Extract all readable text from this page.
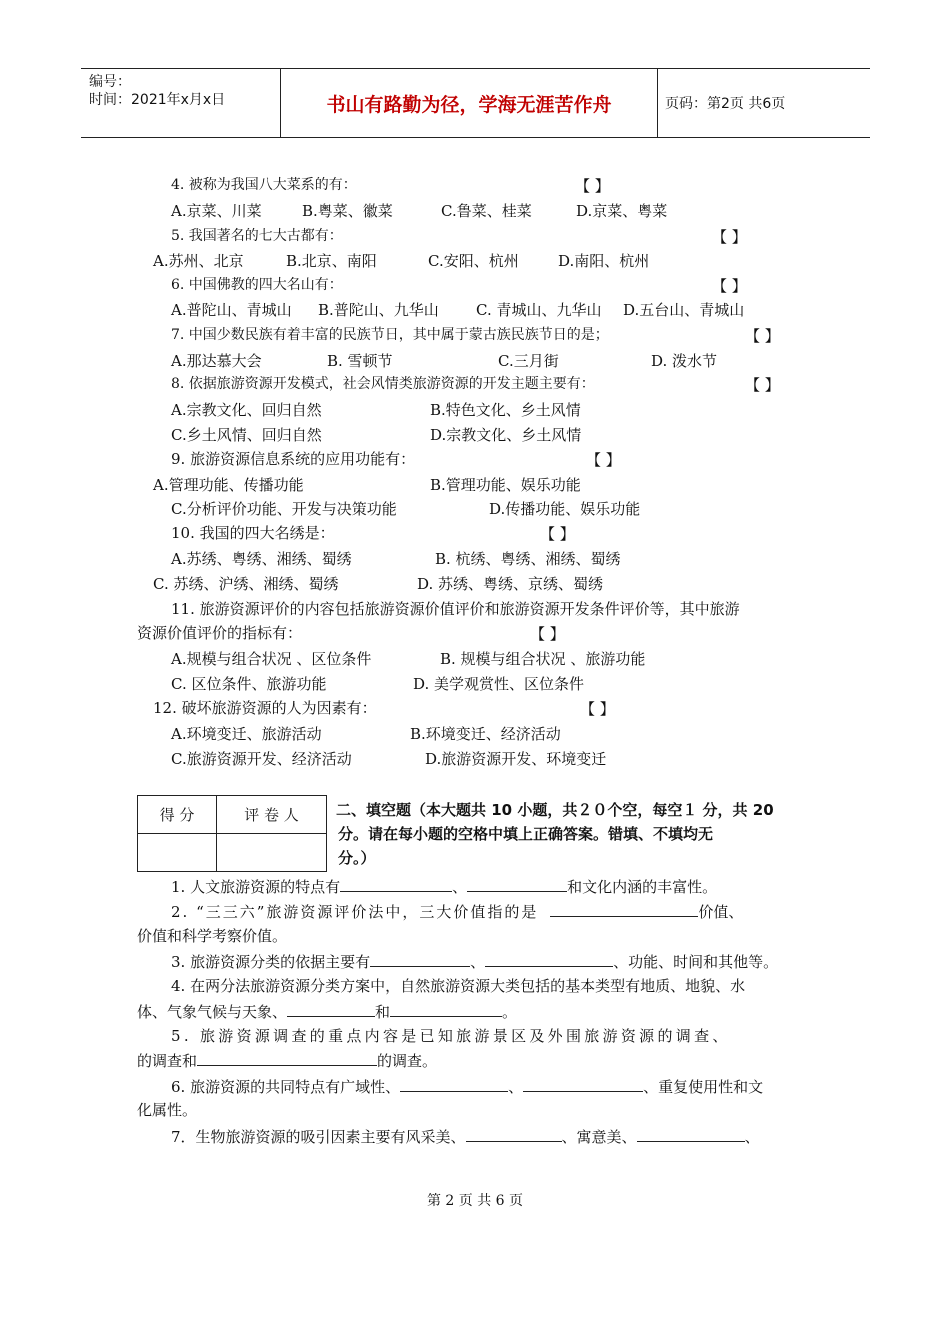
编号：
时间：2021年x月x日	书山有路勤为径，学海无涯苦作舟	页码：第2页 共6页
4. 被称为我国八大菜系的有：	【 】
A.京菜、川菜	B.粤菜、徽菜	C.鲁菜、桂菜	D.京菜、粤菜
5. 我国著名的七大古都有：	【 】
A.苏州、北京	B.北京、南阳	C.安阳、杭州	D.南阳、杭州
6. 中国佛教的四大名山有：	【 】
A.普陀山、青城山 B.普陀山、九华山 C. 青城山、九华山 D.五台山、青城山
7. 中国少数民族有着丰富的民族节日，其中属于蒙古族民族节日的是；	【 】
A.那达慕大会	B. 雪顿节	C.三月街	D. 泼水节
8. 依据旅游资源开发模式，社会风情类旅游资源的开发主题主要有：	【 】
A.宗教文化、回归自然	B.特色文化、乡土风情
C.乡土风情、回归自然	D.宗教文化、乡土风情
9. 旅游资源信息系统的应用功能有：	【 】
A.管理功能、传播功能	B.管理功能、娱乐功能
C.分析评价功能、开发与决策功能	D.传播功能、娱乐功能
10. 我国的四大名绣是：	【 】
A.苏绣、粤绣、湘绣、蜀绣	B. 杭绣、粤绣、湘绣、蜀绣
C. 苏绣、沪绣、湘绣、蜀绣	D. 苏绣、粤绣、京绣、蜀绣
11. 旅游资源评价的内容包括旅游资源价值评价和旅游资源开发条件评价等，其中旅游
资源价值评价的指标有：	【 】
A.规模与组合状况 、区位条件	B. 规模与组合状况 、旅游功能
C. 区位条件、旅游功能	D. 美学观赏性、区位条件
12. 破坏旅游资源的人为因素有：	【 】
A.环境变迁、旅游活动	B.环境变迁、经济活动
C.旅游资源开发、经济活动	D.旅游资源开发、环境变迁
得 分	评 卷 人
	二、填空题（本大题共 10 小题，共２０个空，每空１ 分，共 20
分。请在每小题的空格中填上正确答案。错填、不填均无
分。）
1. 人文旅游资源的特点有	、	和文化内涵的丰富性。
2. “三三六”旅游资源评价法中，三大价值指的是	价值、
价值和科学考察价值。
3. 旅游资源分类的依据主要有	、	、功能、时间和其他等。
4. 在两分法旅游资源分类方案中，自然旅游资源大类包括的基本类型有地质、地貌、水
体、气象气候与天象、	和	。
5. 旅游资源调查的重点内容是已知旅游景区及外围旅游资源的调查、
的调查和	的调查。
6. 旅游资源的共同特点有广域性、	、	、重复使用性和文
化属性。
7．生物旅游资源的吸引因素主要有风采美、	、寓意美、	、
第 2 页 共 6 页
